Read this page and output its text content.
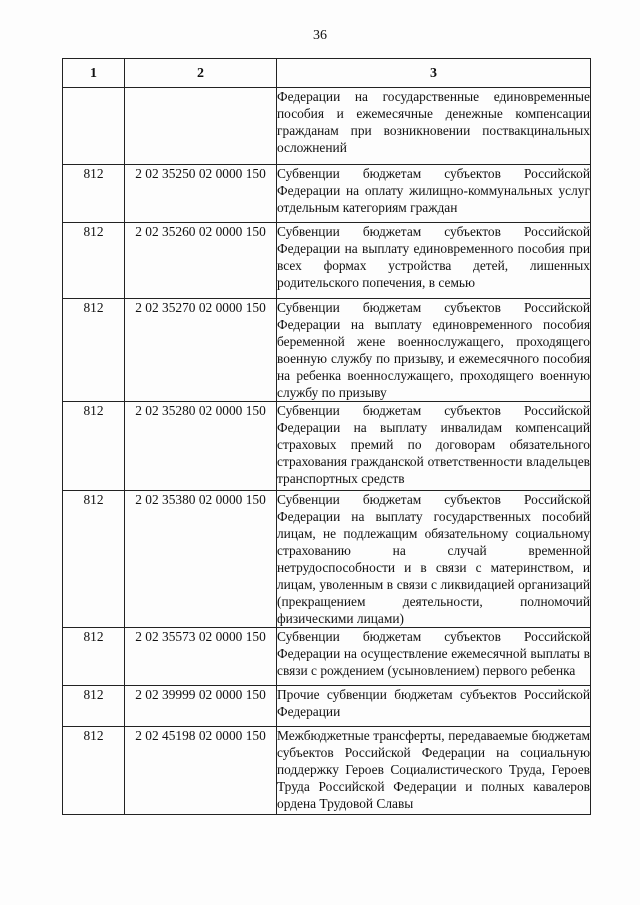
36
1	2	3
		Федерации на государственные единовременные пособия и ежемесячные денежные компенсации гражданам при возникновении поствакцинальных осложнений
812	2 02 35250 02 0000 150	Субвенции бюджетам субъектов Российской Федерации на оплату жилищно-коммунальных услуг отдельным категориям граждан
812	2 02 35260 02 0000 150	Субвенции бюджетам субъектов Российской Федерации на выплату единовременного пособия при всех формах устройства детей, лишенных родительского попечения, в семью
812	2 02 35270 02 0000 150	Субвенции бюджетам субъектов Российской Федерации на выплату единовременного пособия беременной жене военнослужащего, проходящего военную службу по призыву, и ежемесячного пособия на ребенка военнослужащего, проходящего военную службу по призыву
812	2 02 35280 02 0000 150	Субвенции бюджетам субъектов Российской Федерации на выплату инвалидам компенсаций страховых премий по договорам обязательного страхования гражданской ответственности владельцев транспортных средств
812	2 02 35380 02 0000 150	Субвенции бюджетам субъектов Российской Федерации на выплату государственных пособий лицам, не подлежащим обязательному социальному страхованию на случай временной нетрудоспособности и в связи с материнством, и лицам, уволенным в связи с ликвидацией организаций (прекращением деятельности, полномочий физическими лицами)
812	2 02 35573 02 0000 150	Субвенции бюджетам субъектов Российской Федерации на осуществление ежемесячной выплаты в связи с рождением (усыновлением) первого ребенка
812	2 02 39999 02 0000 150	Прочие субвенции бюджетам субъектов Российской Федерации
812	2 02 45198 02 0000 150	Межбюджетные трансферты, передаваемые бюджетам субъектов Российской Федерации на социальную поддержку Героев Социалистического Труда, Героев Труда Российской Федерации и полных кавалеров ордена Трудовой Славы
